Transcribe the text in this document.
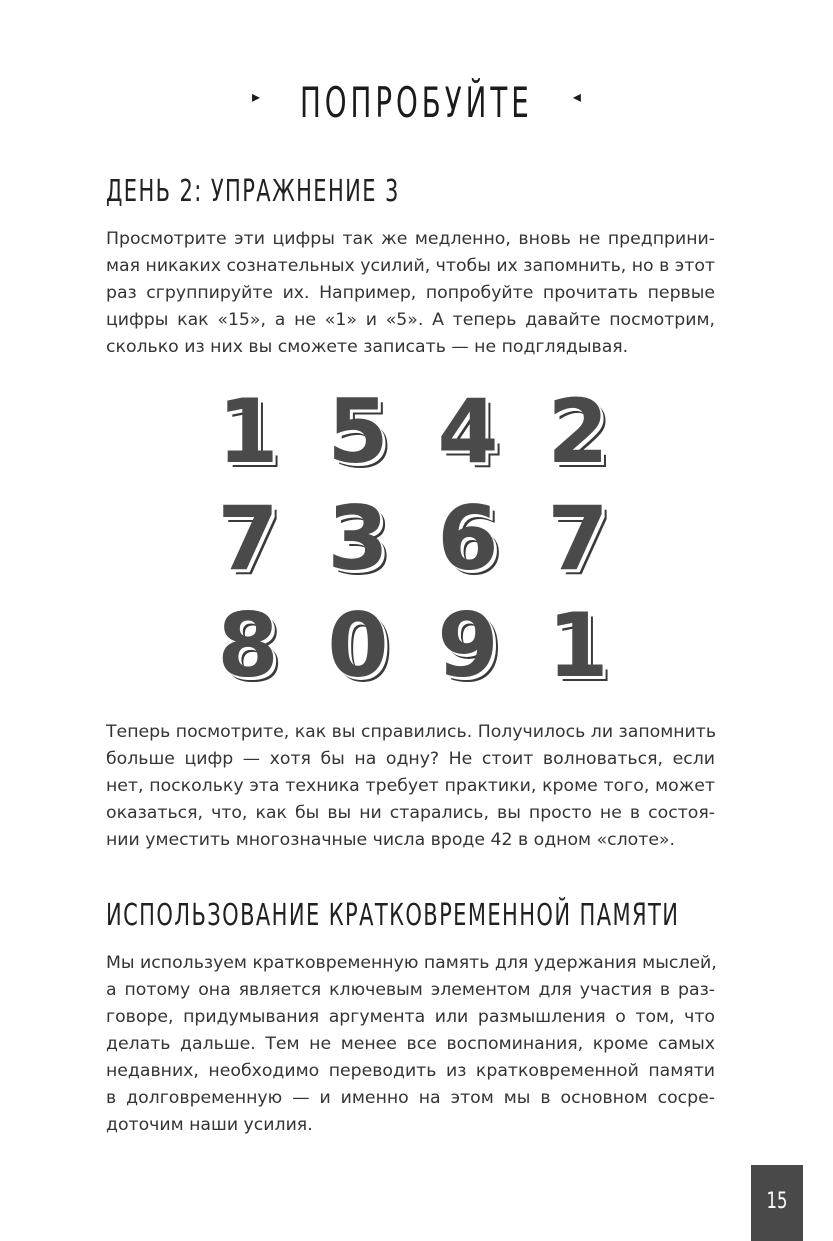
▸ ПОПРОБУЙТЕ	◂
ДЕНЬ 2: УПРАЖНЕНИЕ 3

Просмотрите эти цифры так же медленно, вновь не предприни-
мая никаких сознательных усилий, чтобы их запомнить, но в этот
раз сгруппируйте их. Например, попробуйте прочитать первые
цифры как «15», а не «1» и «5». А теперь давайте посмотрим,
сколько из них вы сможете записать — не подглядывая.

1 5 4 2
7 3 6 7
8 0 9 1

Теперь посмотрите, как вы справились. Получилось ли запомнить
больше цифр — хотя бы на одну? Не стоит волноваться, если
нет, поскольку эта техника требует практики, кроме того, может
оказаться, что, как бы вы ни старались, вы просто не в состоя-
нии уместить многозначные числа вроде 42 в одном «слоте».

ИСПОЛЬЗОВАНИЕ КРАТКОВРЕМЕННОЙ ПАМЯТИ

Мы используем кратковременную память для удержания мыслей,
а потому она является ключевым элементом для участия в раз-
говоре, придумывания аргумента или размышления о том, что
делать дальше. Тем не менее все воспоминания, кроме самых
недавних, необходимо переводить из кратковременной памяти
в долговременную — и именно на этом мы в основном сосре-
доточим наши усилия.

15
